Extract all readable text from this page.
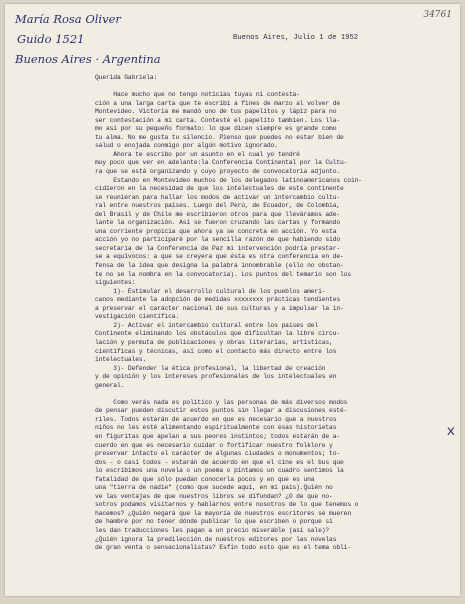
María Rosa Oliver
Guido 1521
Buenos Aires · Argentina
34761
Buenos Aires, Julio 1 de 1952

Querida Gabriela:

Hace mucho que no tengo noticias tuyas ni contesta-

ción a una larga carta que te escribí a fines de marzo al volver de

Montevideo. Victoria me mandó uno de tus papelitos y lápiz para no

ser contestación a mi carta. Contesté el papelito tambien. Los lla-

mo así por su pequeño formato: lo que dicen siempre es grande como

tu alma. No me gusta tu silencio. Pienso que puedes no estar bien de

salud o enojada conmigo por algún motivo ignorado.

Ahora te escribo por un asunto en el cual yo tendré

muy poco que ver en adelante:la Conferencia Continental por la Cultu-

ra que se está organizando y cuyo proyecto de convocatoria adjunto.

Estando en Montevideo muchos de los delegados latinoamericanos coin-

cidieron en la necesidad de que los intelectuales de este continente

se reunieran para hallar los modos de activar un intercambio cultu-

ral entre nuestros países. Luego del Perú, de Ecuador, de Colombia,

del Brasil y de Chile me escribieron otros para que lleváramos ade-

lante la organización. Así se fueron cruzando las cartas y formando

una corriente propicia que ahora ya se concreta en acción. Yo esta

acción yo no participaré por la sencilla razón de que habiendo sido

secretaria de la Conferencia de Paz mi intervención podría prestar-

se a equívocos: a que se creyera que ésta es otra conferencia en de-

fensa de la idea que designa la palabra innombrable (ello no obstan-

te no se la nombra en la convocatoria). Los puntos del temario son los

siguientes:

1)- Estimular el desarrollo cultural de los pueblos ameri-

canos mediante la adopción de medidas xxxxxxxx prácticas tendientes

a preservar el carácter nacional de sus culturas y a impulsar la in-

vestigación científica.

2)- Activar el intercambio cultural entre los países del

Continente eliminando los obstáculos que dificultan la libre circu-

lación y permuta de publicaciones y obras literarias, artísticas,

científicas y técnicas, así como el contacto más directo entre los

intelectuales.

3)- Defender la ética profesional, la libertad de creación

y de opinión y los intereses profesionales de los intelectuales en

general.

Como verás nada es político y las personas de más diversos modos

de pensar pueden discutir estos puntos sin llegar a discusiones esté-

riles. Todos estarán de acuerdo en que es necesario que a nuestros

niños no les esté alimentando espiritualmente con esas historietas

en figuritas que apelan a sus peores instintos; todos estarán de a-

cuerdo en que es necesario cuidar o fortificar nuestro folklore y

preservar intacto el carácter de algunas ciudades o monumentos; to-

dos - o casi todos - estarán de acuerdo en que el cine es el bus que

lo escribimos una novela o un poema o pintamos un cuadro sentimos la

fatalidad de que sólo puedan conocerla pocos y en que es una

una "tierra de nadie" (como que sucede aquí, en mi país).Quién no

ve las ventajas de que nuestros libros se difundan? ¿O de que no-

sotros podamos visitarnos y hablarnos entre nosotros de lo que tenemos o

hacemos? ¿Quién negará que la mayoría de nuestros escritores se mueren

de hambre por no tener dónde publicar lo que escriben o porque si

les dan traducciones les pagan a un precio miserable (así sale)?

¿Quién ignora la predilección de nuestros editores por las novelas

de gran venta o sensacionalistas? Esfín todo esto que es el tema obli-

x
